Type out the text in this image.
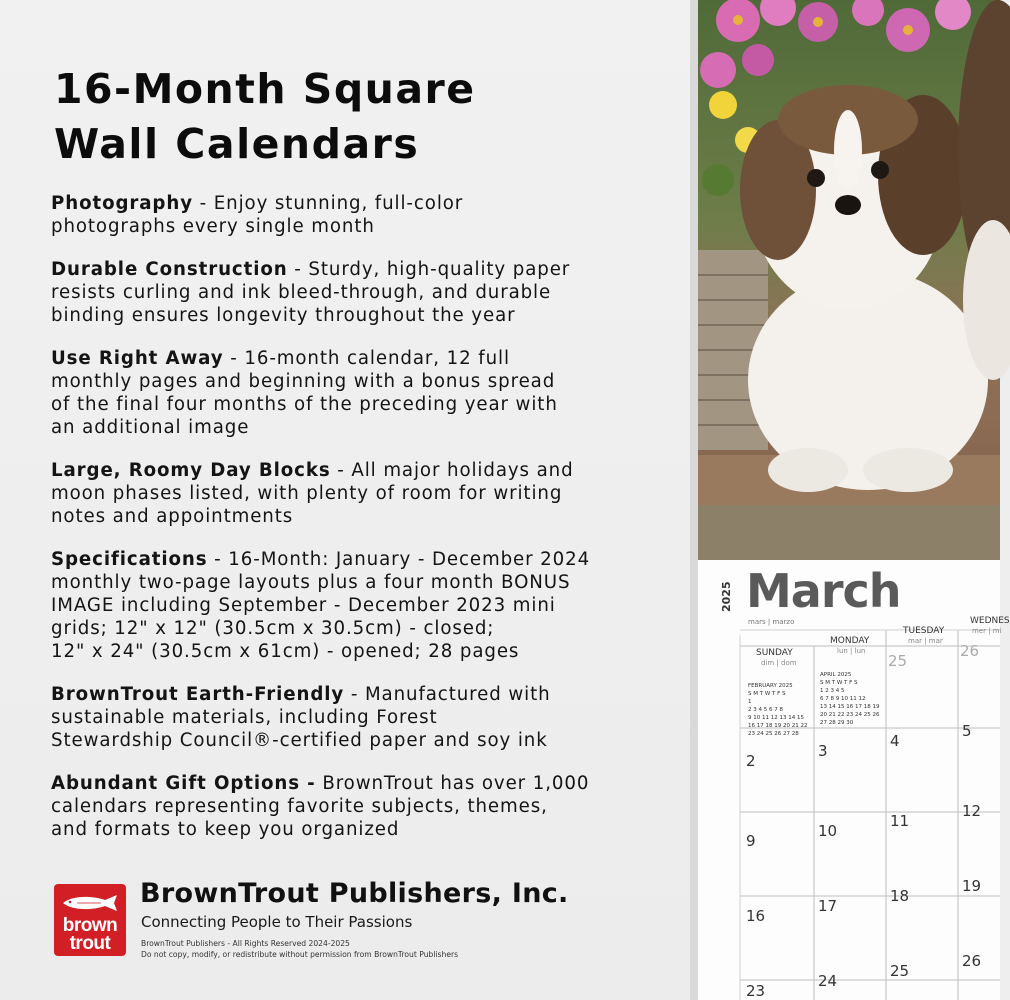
16-Month Square
Wall Calendars

Photography - Enjoy stunning, full-color
photographs every single month

Durable Construction - Sturdy, high-quality paper
resists curling and ink bleed-through, and durable
binding ensures longevity throughout the year

Use Right Away - 16-month calendar, 12 full
monthly pages and beginning with a bonus spread
of the final four months of the preceding year with
an additional image

Large, Roomy Day Blocks - All major holidays and
moon phases listed, with plenty of room for writing
notes and appointments

Specifications - 16-Month: January - December 2024
monthly two-page layouts plus a four month BONUS
IMAGE including September - December 2023 mini
grids; 12" x 12" (30.5cm x 30.5cm) - closed;
12" x 24" (30.5cm x 61cm) - opened; 28 pages

BrownTrout Earth-Friendly - Manufactured with
sustainable materials, including Forest
Stewardship Council®-certified paper and soy ink

Abundant Gift Options - BrownTrout has over 1,000
calendars representing favorite subjects, themes,
and formats to keep you organized

brown
trout
BrownTrout Publishers, Inc.
Connecting People to Their Passions
BrownTrout Publishers - All Rights Reserved 2024-2025
Do not copy, modify, or redistribute without permission from BrownTrout Publishers
March
mars | marzo
SUNDAY
dim | dom
MONDAY
lun | lun
TUESDAY
mar | mar
WEDNES
mer | mi
FEBRUARY 2025
S M T W T F S
1
2 3 4 5 6 7 8
9 10 11 12 13 14 15
16 17 18 19 20 21 22
23 24 25 26 27 28
APRIL 2025
S M T W T F S
1 2 3 4 5
6 7 8 9 10 11 12
13 14 15 16 17 18 19
20 21 22 23 24 25 26
27 28 29 30
25
26
2
3
4
5
9
10
11
12
16
17
18
19
23
24
25
26
2025
